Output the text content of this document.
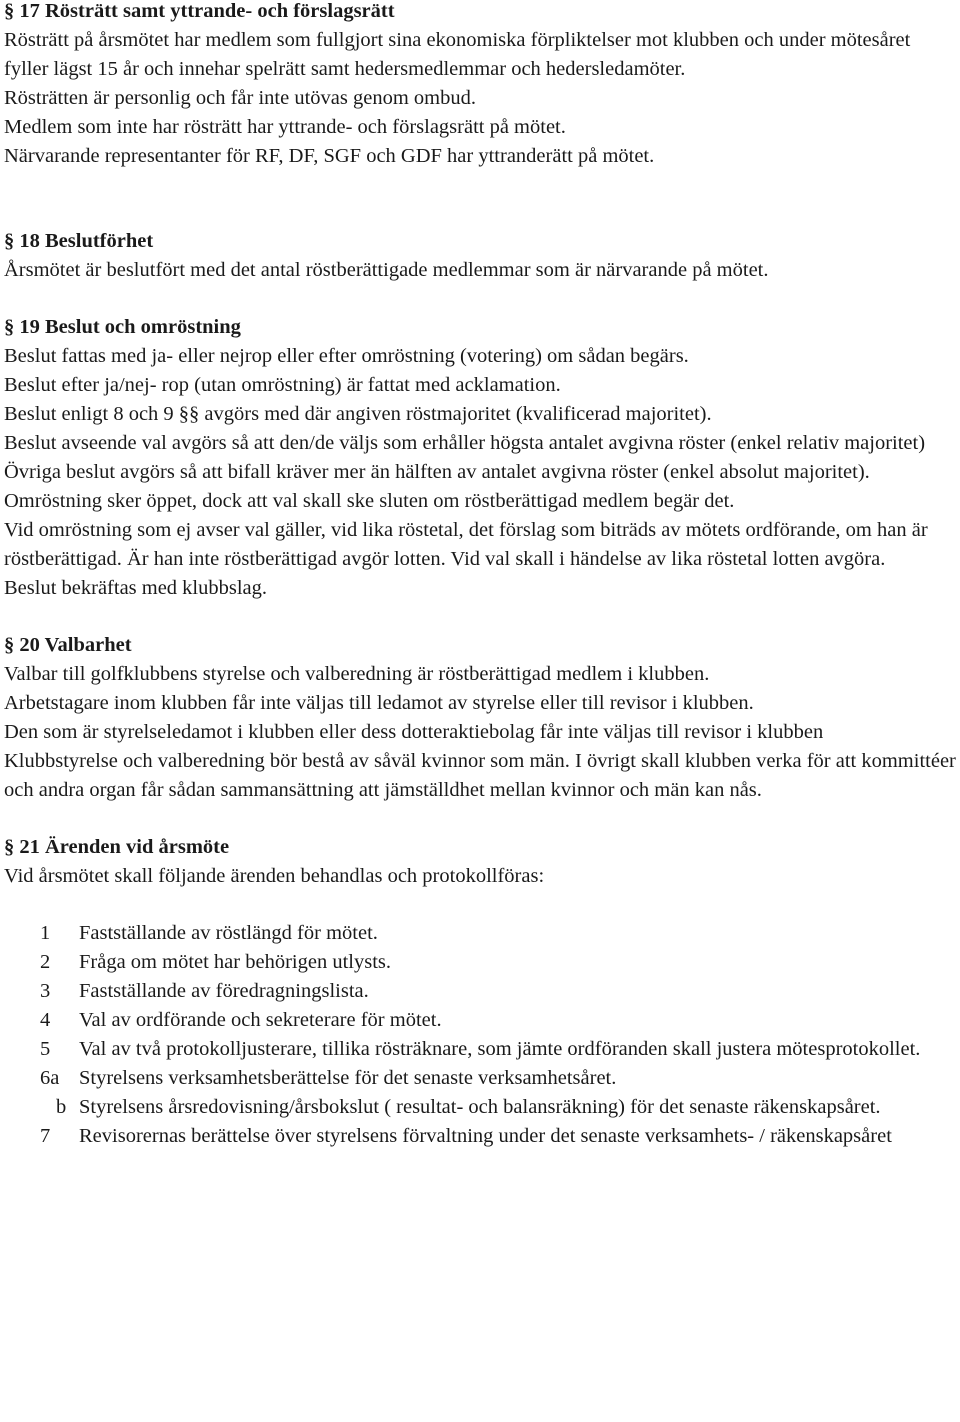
§ 17 Rösträtt samt yttrande- och förslagsrätt
Rösträtt på årsmötet har medlem som fullgjort sina ekonomiska förpliktelser mot klubben och under mötesåret fyller lägst 15 år och innehar spelrätt samt hedersmedlemmar och hedersledamöter.
Rösträtten är personlig och får inte utövas genom ombud.
Medlem som inte har rösträtt har yttrande- och förslagsrätt på mötet.
Närvarande representanter för RF, DF, SGF och GDF har yttranderätt på mötet.
§ 18 Beslutförhet
Årsmötet är beslutfört med det antal röstberättigade medlemmar som är närvarande på mötet.
§ 19 Beslut och omröstning
Beslut fattas med ja- eller nejrop eller efter omröstning (votering) om sådan begärs.
Beslut efter ja/nej- rop (utan omröstning) är fattat med acklamation.
Beslut enligt 8 och 9 §§ avgörs med där angiven röstmajoritet (kvalificerad majoritet).
Beslut avseende val avgörs så att den/de väljs som erhåller högsta antalet avgivna röster (enkel relativ majoritet)
Övriga beslut avgörs så att bifall kräver mer än hälften av antalet avgivna röster (enkel absolut majoritet).
Omröstning sker öppet, dock att val skall ske sluten om röstberättigad medlem begär det.
Vid omröstning som ej avser val gäller, vid lika röstetal, det förslag som biträds av mötets ordförande, om han är röstberättigad. Är han inte röstberättigad avgör lotten. Vid val skall i händelse av lika röstetal lotten avgöra.
Beslut bekräftas med klubbslag.
§ 20 Valbarhet
Valbar till golfklubbens styrelse och valberedning är röstberättigad medlem i klubben.
Arbetstagare inom klubben får inte väljas till ledamot av styrelse eller till revisor i klubben.
Den som är styrelseledamot i klubben eller dess dotteraktiebolag får inte väljas till revisor i klubben
Klubbstyrelse och valberedning bör bestå av såväl kvinnor som män. I övrigt skall klubben verka för att kommittéer och andra organ får sådan sammansättning att jämställdhet mellan kvinnor och män kan nås.
§ 21 Ärenden vid årsmöte
Vid årsmötet skall följande ärenden behandlas och protokollföras:
1	Fastställande av röstlängd för mötet.
2	Fråga om mötet har behörigen utlysts.
3	Fastställande av föredragningslista.
4	Val av ordförande och sekreterare för mötet.
5	Val av två protokolljusterare, tillika rösträknare, som jämte ordföranden skall justera mötesprotokollet.
6a Styrelsens verksamhetsberättelse för det senaste verksamhetsåret.
b Styrelsens årsredovisning/årsbokslut ( resultat- och balansräkning) för det senaste räkenskapsåret.
7	Revisorernas berättelse över styrelsens förvaltning under det senaste verksamhets- / räkenskapsåret
